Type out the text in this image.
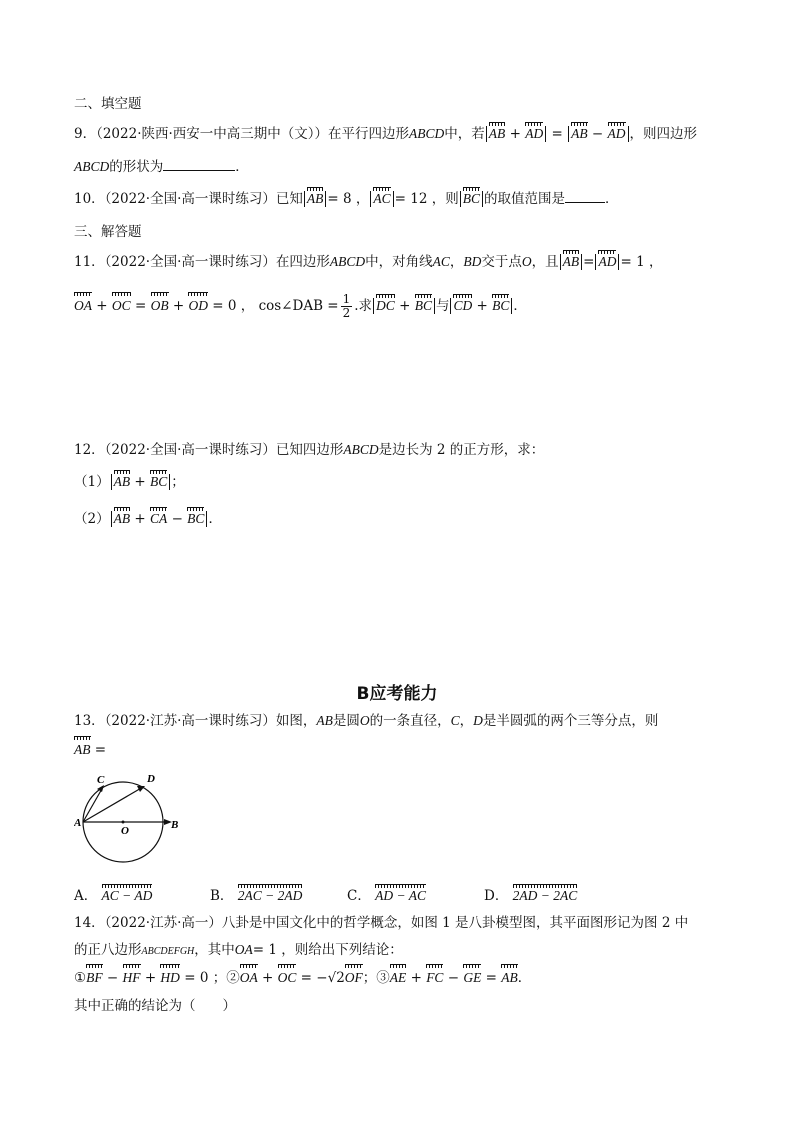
二、填空题
9．（2022·陕西·西安一中高三期中（文））在平行四边形ABCD中，若 AB + AD = AB − AD ，则四边形
ABCD的形状为	．
10．（2022·全国·高一课时练习）已知 AB = 8 ， AC = 12 ，则 BC 的取值范围是	．
三、解答题
11．（2022·全国·高一课时练习）在四边形ABCD中，对角线AC，BD交于点O，且 AB = AD = 1 ，
OA + OC = OB + OD = 0 ， cos∠DAB = $\frac{1}{2}$ .求 DC + BC 与 CD + BC ．
12．（2022·全国·高一课时练习）已知四边形ABCD是边长为 2 的正方形，求：
（1） AB + BC ；
（2） AB + CA − BC ．
B应考能力
13．（2022·江苏·高一课时练习）如图，AB是圆O的一条直径，C，D是半圆弧的两个三等分点，则
AB =
A	B
C	D
O
A． AC − AD	B． 2AC − 2AD	C． AD − AC	D． 2AD − 2AC
14．（2022·江苏·高一）八卦是中国文化中的哲学概念，如图 1 是八卦模型图，其平面图形记为图 2 中
的正八边形ABCDEFGH，其中OA= 1 ，则给出下列结论：
①BF − HF + HD = 0 ；②OA + OC = −√2OF；③AE + FC − GE = AB．
其中正确的结论为（　　）
